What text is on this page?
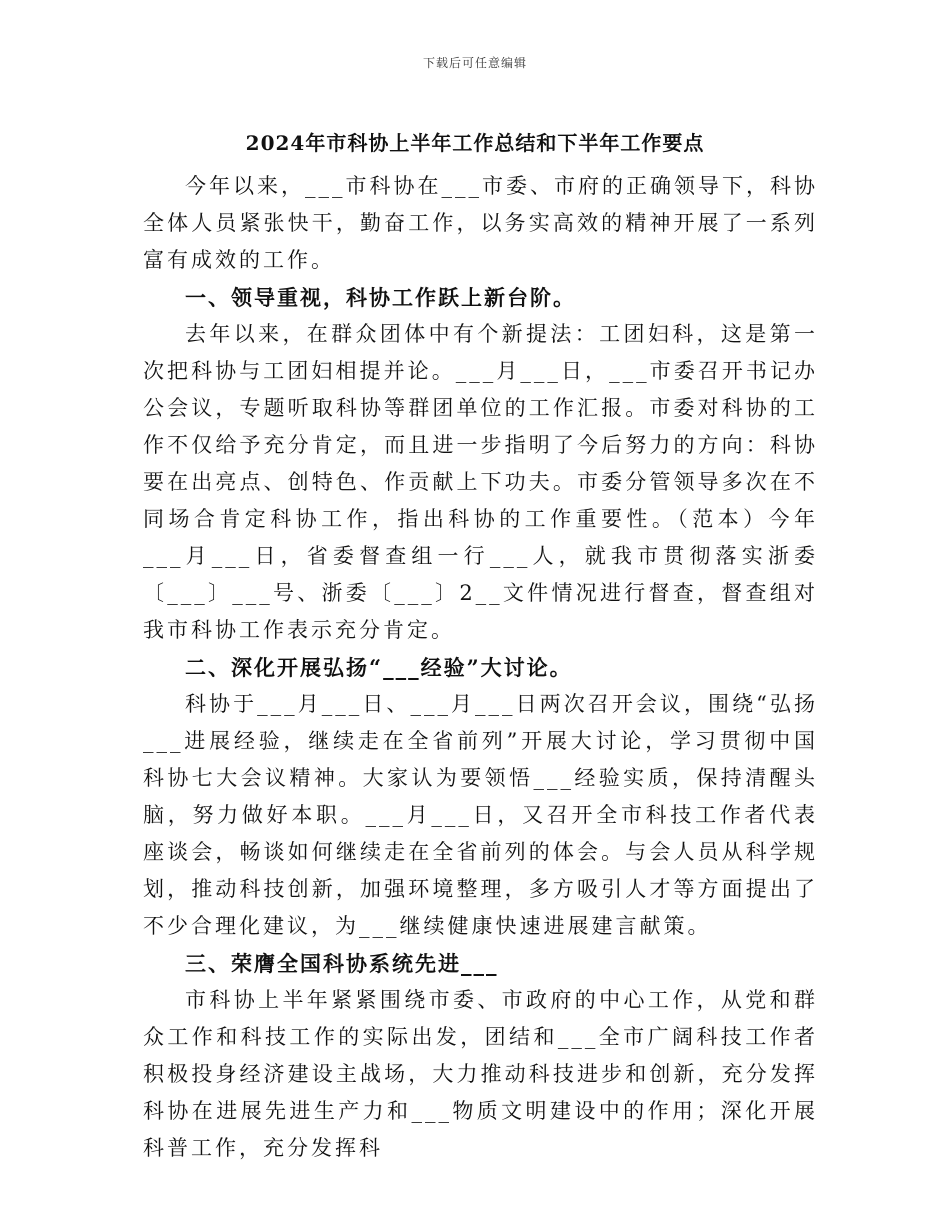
下载后可任意编辑
2024年市科协上半年工作总结和下半年工作要点

今年以来，___市科协在___市委、市府的正确领导下，科协全体人员紧张快干，勤奋工作，以务实高效的精神开展了一系列富有成效的工作。

一、领导重视，科协工作跃上新台阶。

去年以来，在群众团体中有个新提法：工团妇科，这是第一次把科协与工团妇相提并论。___月___日，___市委召开书记办公会议，专题听取科协等群团单位的工作汇报。市委对科协的工作不仅给予充分肯定，而且进一步指明了今后努力的方向：科协要在出亮点、创特色、作贡献上下功夫。市委分管领导多次在不同场合肯定科协工作，指出科协的工作重要性。（范本）今年___月___日，省委督查组一行___人，就我市贯彻落实浙委〔___〕___号、浙委〔___〕2__文件情况进行督查，督查组对我市科协工作表示充分肯定。

二、深化开展弘扬“___经验”大讨论。

科协于___月___日、___月___日两次召开会议，围绕“弘扬___进展经验，继续走在全省前列”开展大讨论，学习贯彻中国科协七大会议精神。大家认为要领悟___经验实质，保持清醒头脑，努力做好本职。___月___日，又召开全市科技工作者代表座谈会，畅谈如何继续走在全省前列的体会。与会人员从科学规划，推动科技创新，加强环境整理，多方吸引人才等方面提出了不少合理化建议，为___继续健康快速进展建言献策。

三、荣膺全国科协系统先进___

市科协上半年紧紧围绕市委、市政府的中心工作，从党和群众工作和科技工作的实际出发，团结和___全市广阔科技工作者积极投身经济建设主战场，大力推动科技进步和创新，充分发挥科协在进展先进生产力和___物质文明建设中的作用；深化开展科普工作，充分发挥科
